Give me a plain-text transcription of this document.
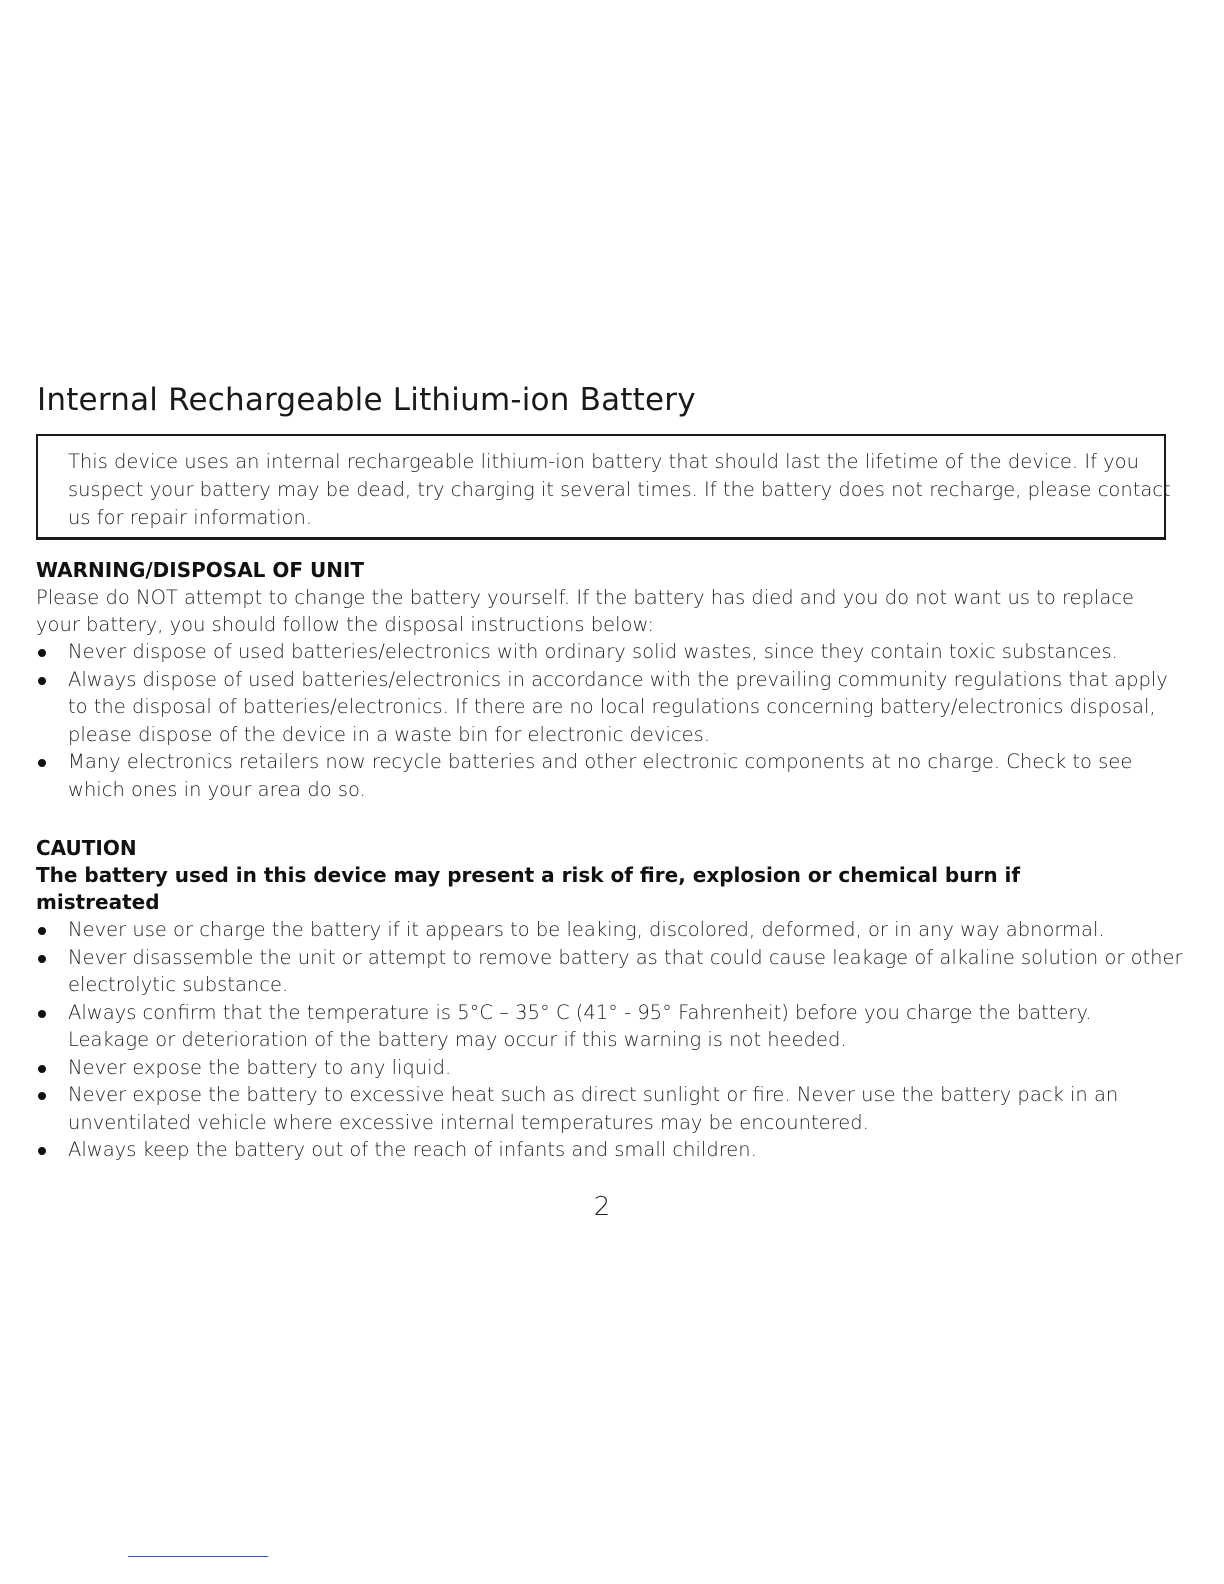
Internal Rechargeable Lithium-ion Battery
This device uses an internal rechargeable lithium-ion battery that should last the lifetime of the device. If you
suspect your battery may be dead, try charging it several times. If the battery does not recharge, please contact
us for repair information.
WARNING/DISPOSAL OF UNIT

Please do NOT attempt to change the battery yourself. If the battery has died and you do not want us to replace
your battery, you should follow the disposal instructions below:

Never dispose of used batteries/electronics with ordinary solid wastes, since they contain toxic substances.
Always dispose of used batteries/electronics in accordance with the prevailing community regulations that apply
to the disposal of batteries/electronics. If there are no local regulations concerning battery/electronics disposal,
please dispose of the device in a waste bin for electronic devices.
Many electronics retailers now recycle batteries and other electronic components at no charge. Check to see
which ones in your area do so.
CAUTION

The battery used in this device may present a risk of fire, explosion or chemical burn if
mistreated

Never use or charge the battery if it appears to be leaking, discolored, deformed, or in any way abnormal.
Never disassemble the unit or attempt to remove battery as that could cause leakage of alkaline solution or other
electrolytic substance.
Always confirm that the temperature is 5°C – 35° C (41° - 95° Fahrenheit) before you charge the battery.
Leakage or deterioration of the battery may occur if this warning is not heeded.
Never expose the battery to any liquid.
Never expose the battery to excessive heat such as direct sunlight or fire. Never use the battery pack in an
unventilated vehicle where excessive internal temperatures may be encountered.
Always keep the battery out of the reach of infants and small children.
2
